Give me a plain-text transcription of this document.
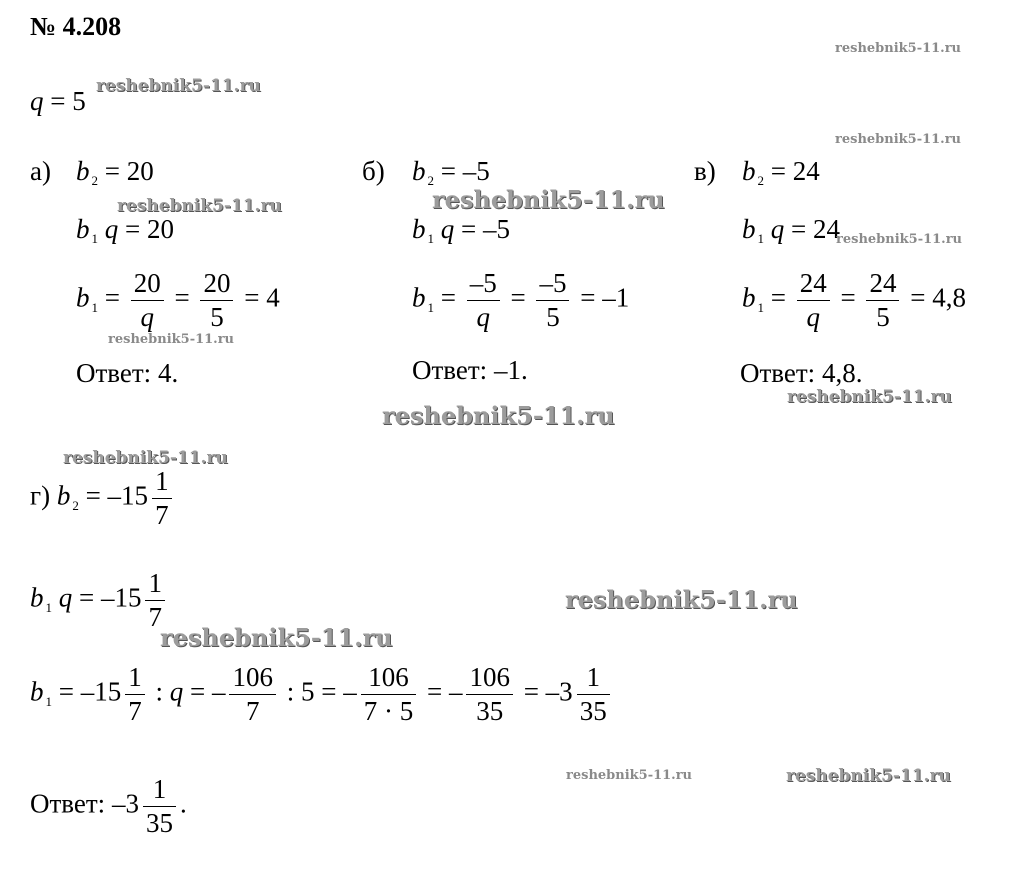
№ 4.208
q = 5
а) b $_2$ = 20
b $_1$ q = 20
b $_1 = \frac{20}{q} = \frac{20}{5} = 4$
Ответ: 4.
б) b $_2$ = –5
b $_1$ q = –5
b $_1 = \frac{-5}{q} = \frac{-5}{5} = -1$
Ответ: –1.
в) b $_2$ = 24
b $_1$ q = 24
b $_1 = \frac{24}{q} = \frac{24}{5} = 4,8$
Ответ: 4,8.
г) b $_2 = -15 \frac{1}{7}$
b $_1$ $q = -15 \frac{1}{7}$
b $_1 = -15 \frac{1}{7}$ : q = – $\frac{106}{7}$ : 5 = – $\frac{106}{7 \cdot 5}$ = – $\frac{106}{35} = -3 \frac{1}{35}$
Ответ: $-3 \frac{1}{35}$ .
reshebnik5-11.ru
reshebnik5-11.ru
reshebnik5-11.ru
reshebnik5-11.ru	reshebnik5-11.ru
reshebnik5-11.ru
reshebnik5-11.ru
reshebnik5-11.ru
reshebnik5-11.ru
reshebnik5-11.ru
reshebnik5-11.ru
reshebnik5-11.ru
reshebnik5-11.ru	reshebnik5-11.ru
